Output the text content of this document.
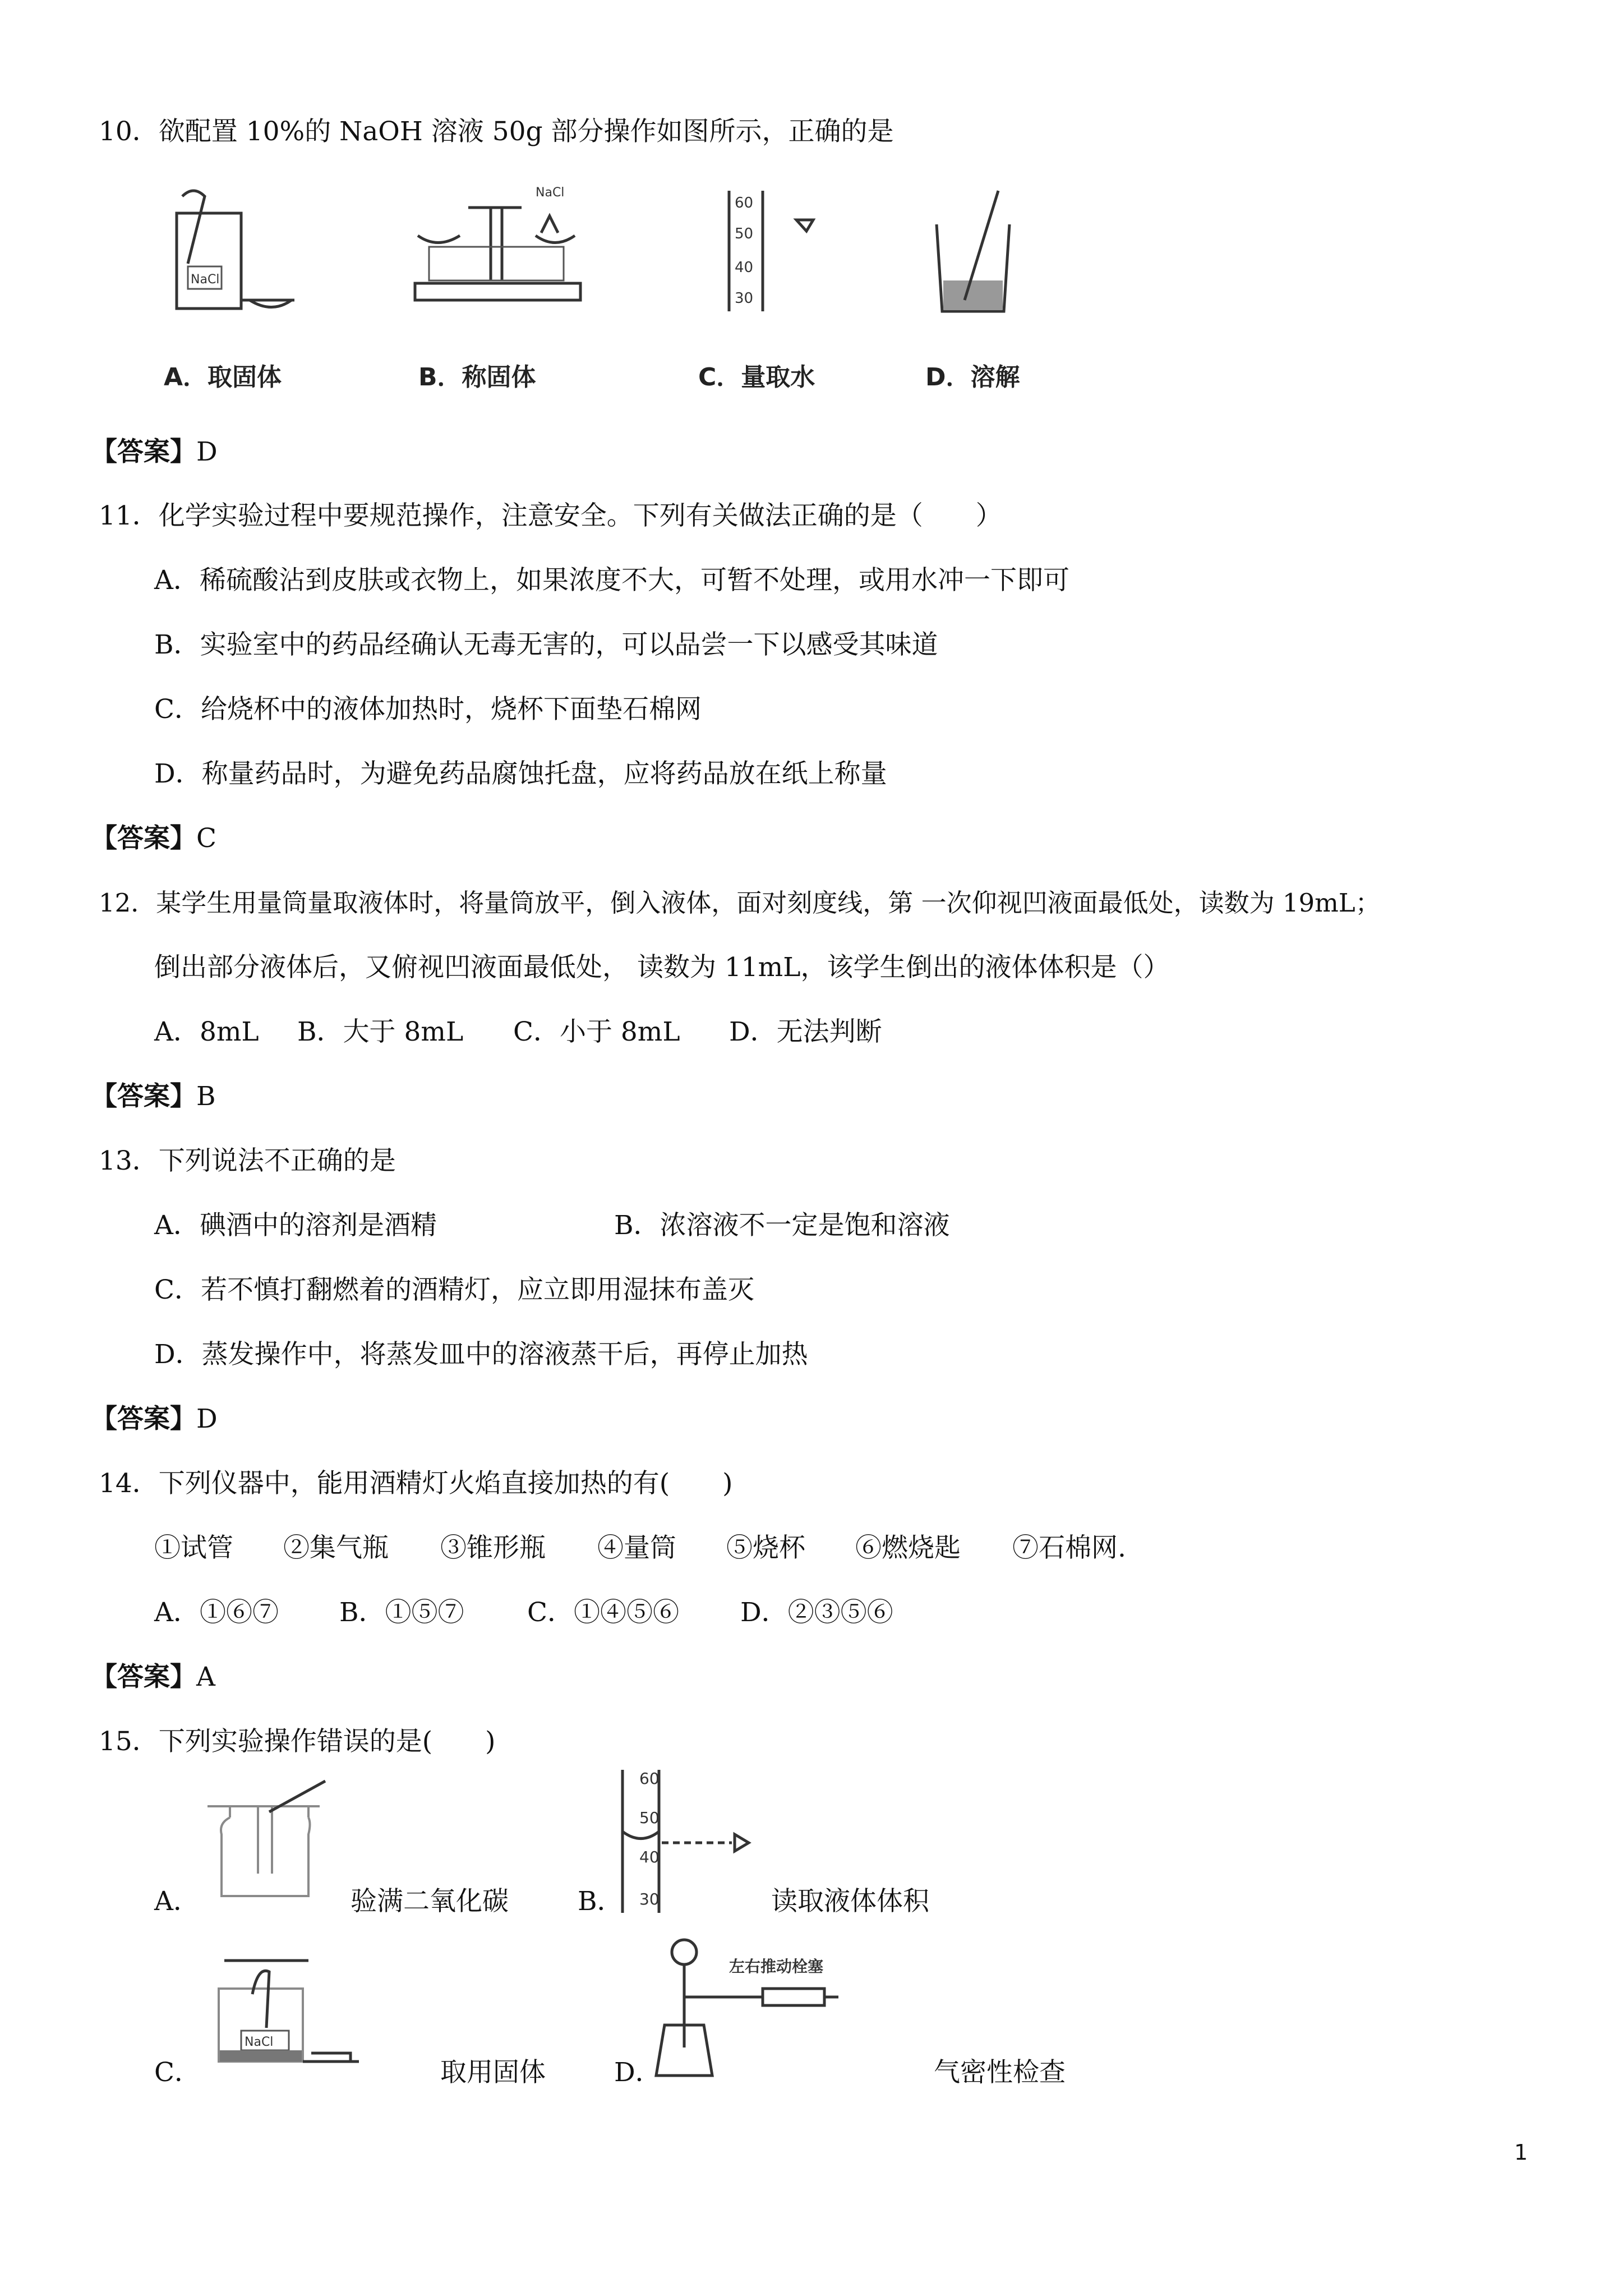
10．欲配置 10%的 NaOH 溶液 50g 部分操作如图所示，正确的是
NaCl
A．取固体
NaCl
B．称固体
60
50
40
30
C．量取水	D．溶解
【答案】D
11．化学实验过程中要规范操作，注意安全。下列有关做法正确的是（　　）
A．稀硫酸沾到皮肤或衣物上，如果浓度不大，可暂不处理，或用水冲一下即可
B．实验室中的药品经确认无毒无害的，可以品尝一下以感受其味道
C．给烧杯中的液体加热时，烧杯下面垫石棉网
D．称量药品时，为避免药品腐蚀托盘，应将药品放在纸上称量
【答案】C
12．某学生用量筒量取液体时，将量筒放平，倒入液体，面对刻度线，第 一次仰视凹液面最低处，读数为 19mL；
倒出部分液体后，又俯视凹液面最低处， 读数为 11mL，该学生倒出的液体体积是（）
A．8mL B．大于 8mL C．小于 8mL D．无法判断
【答案】B
13．下列说法不正确的是
A．碘酒中的溶剂是酒精	B．浓溶液不一定是饱和溶液
C．若不慎打翻燃着的酒精灯，应立即用湿抹布盖灭
D．蒸发操作中，将蒸发皿中的溶液蒸干后，再停止加热
【答案】D
14．下列仪器中，能用酒精灯火焰直接加热的有(　　)
①试管 ②集气瓶 ③锥形瓶 ④量筒 ⑤烧杯 ⑥燃烧匙 ⑦石棉网.
A．①⑥⑦ B．①⑤⑦ C．①④⑤⑥ D．②③⑤⑥
【答案】A
15．下列实验操作错误的是(　　)
A．	验满二氧化碳
60
50
40
30
B．	读取液体体积
NaCl
C．	取用固体
左右推动栓塞
D．	气密性检查
1
